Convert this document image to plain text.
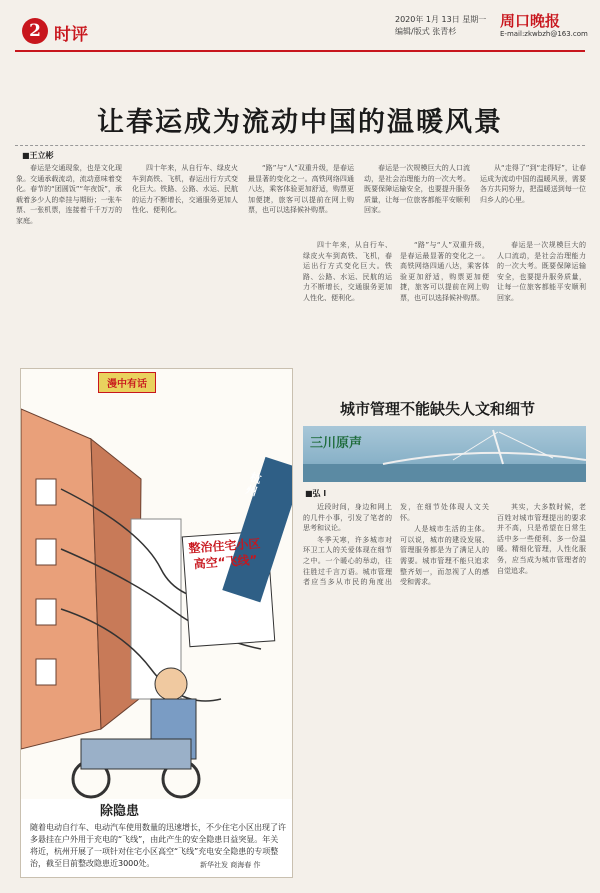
2 时评
2020年 1月 13日 星期一
编辑/版式 张青杉
周口晚报
E-mail:zkwbzh@163.com
让春运成为流动中国的温暖风景
■王立彬

春运是交通现象，也是文化现象。交通承载流动，流动意味着变化。春节的“团圆饭”“年夜饭”，承载着多少人的牵挂与期盼；一张车票、一张机票，连接着千千万万的家庭。

四十年来，从自行车、绿皮火车到高铁、飞机，春运出行方式变化巨大。铁路、公路、水运、民航的运力不断增长，交通服务更加人性化、便利化。

“路”与“人”双重升级，是春运最显著的变化之一。高铁网络四通八达，乘客体验更加舒适，购票更加便捷，旅客可以提前在网上购票，也可以选择候补购票。

春运是一次规模巨大的人口流动，是社会治理能力的一次大考。既要保障运输安全，也要提升服务质量，让每一位旅客都能平安顺利回家。

从“走得了”到“走得好”，让春运成为流动中国的温暖风景，需要各方共同努力，把温暖送到每一位归乡人的心里。

漫中有话
整治住宅小区高空“飞线”
杭州
除隐患
随着电动自行车、电动汽车使用数量的迅速增长，不少住宅小区出现了许多悬挂在户外用于充电的“飞线”，由此产生的安全隐患日益突显。年关将近，杭州开展了一项针对住宅小区高空“飞线”充电安全隐患的专项整治，截至目前整改隐患近3000处。	新华社发 商海春 作

四十年来，从自行车、绿皮火车到高铁、飞机，春运出行方式变化巨大。铁路、公路、水运、民航的运力不断增长，交通服务更加人性化、便利化。

“路”与“人”双重升级，是春运最显著的变化之一。高铁网络四通八达，乘客体验更加舒适，购票更加便捷，旅客可以提前在网上购票，也可以选择候补购票。

春运是一次规模巨大的人口流动，是社会治理能力的一次大考。既要保障运输安全，也要提升服务质量，让每一位旅客都能平安顺利回家。

城市管理不能缺失人文和细节
三川原声
■弘 l

近段时间，身边和网上的几件小事，引发了笔者的思考和议论。

冬季天寒，许多城市对环卫工人的关爱体现在细节之中。一个暖心的举动，往往胜过千言万语。城市管理者应当多从市民的角度出发，在细节处体现人文关怀。

人是城市生活的主体。可以说，城市的建设发展、管理服务都是为了满足人的需要。城市管理不能只追求整齐划一，而忽视了人的感受和需求。

其实，大多数时候，老百姓对城市管理提出的要求并不高，只是希望在日常生活中多一些便利、多一份温暖。精细化管理，人性化服务，应当成为城市管理者的自觉追求。
